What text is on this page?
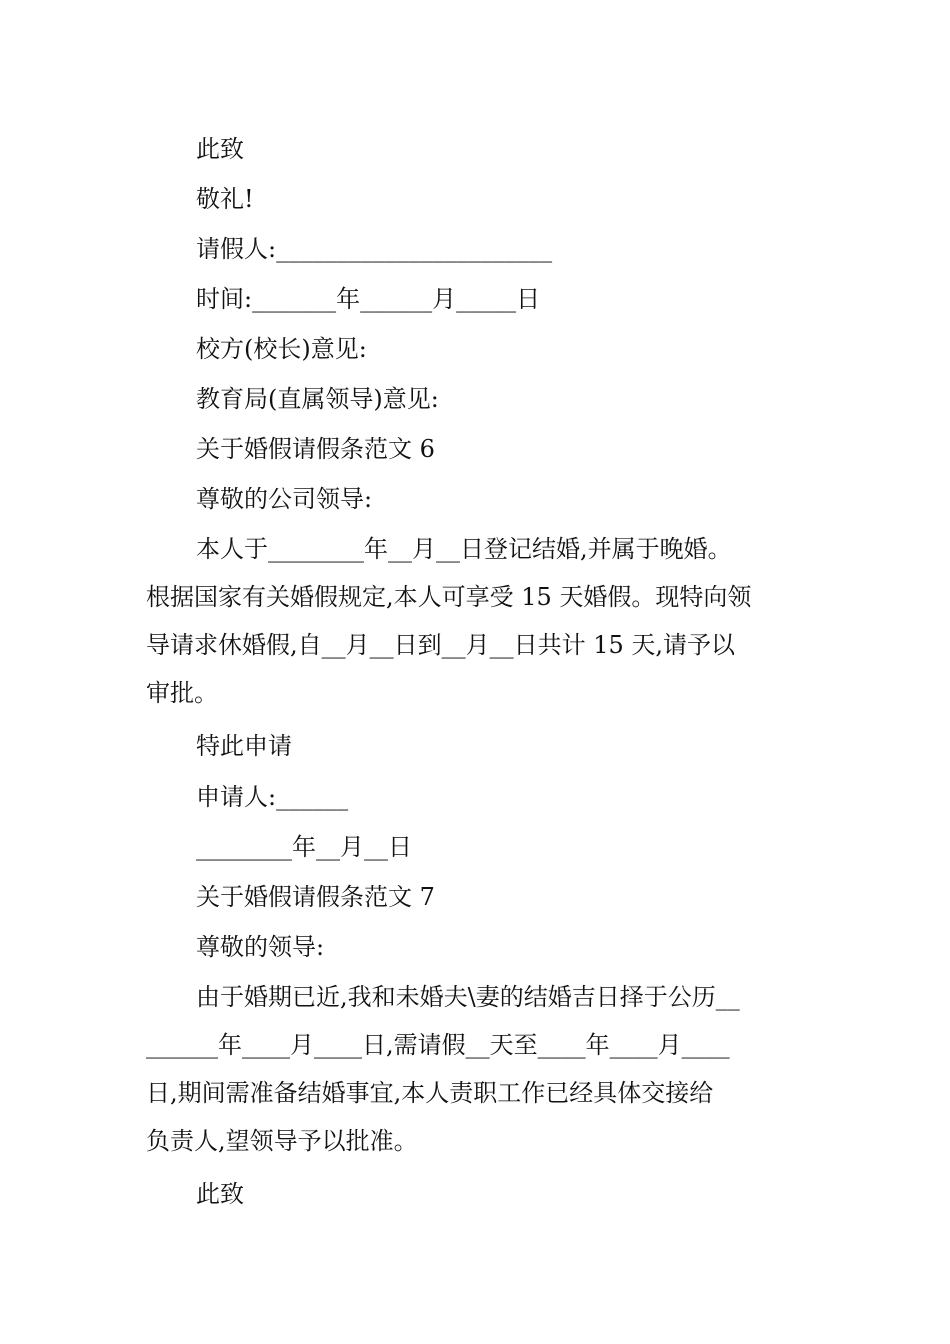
此致

敬礼!

请假人:_______________________

时间:_______年______月_____日

校方(校长)意见:

教育局(直属领导)意见:

关于婚假请假条范文 6

尊敬的公司领导:

本人于________年__月__日登记结婚,并属于晚婚。
根据国家有关婚假规定,本人可享受 15 天婚假。现特向领
导请求休婚假,自__月__日到__月__日共计 15 天,请予以
审批。

特此申请

申请人:______

________年__月__日

关于婚假请假条范文 7

尊敬的领导:

由于婚期已近,我和未婚夫\妻的结婚吉日择于公历__
______年____月____日,需请假__天至____年____月____
日,期间需准备结婚事宜,本人责职工作已经具体交接给
负责人,望领导予以批准。

此致
